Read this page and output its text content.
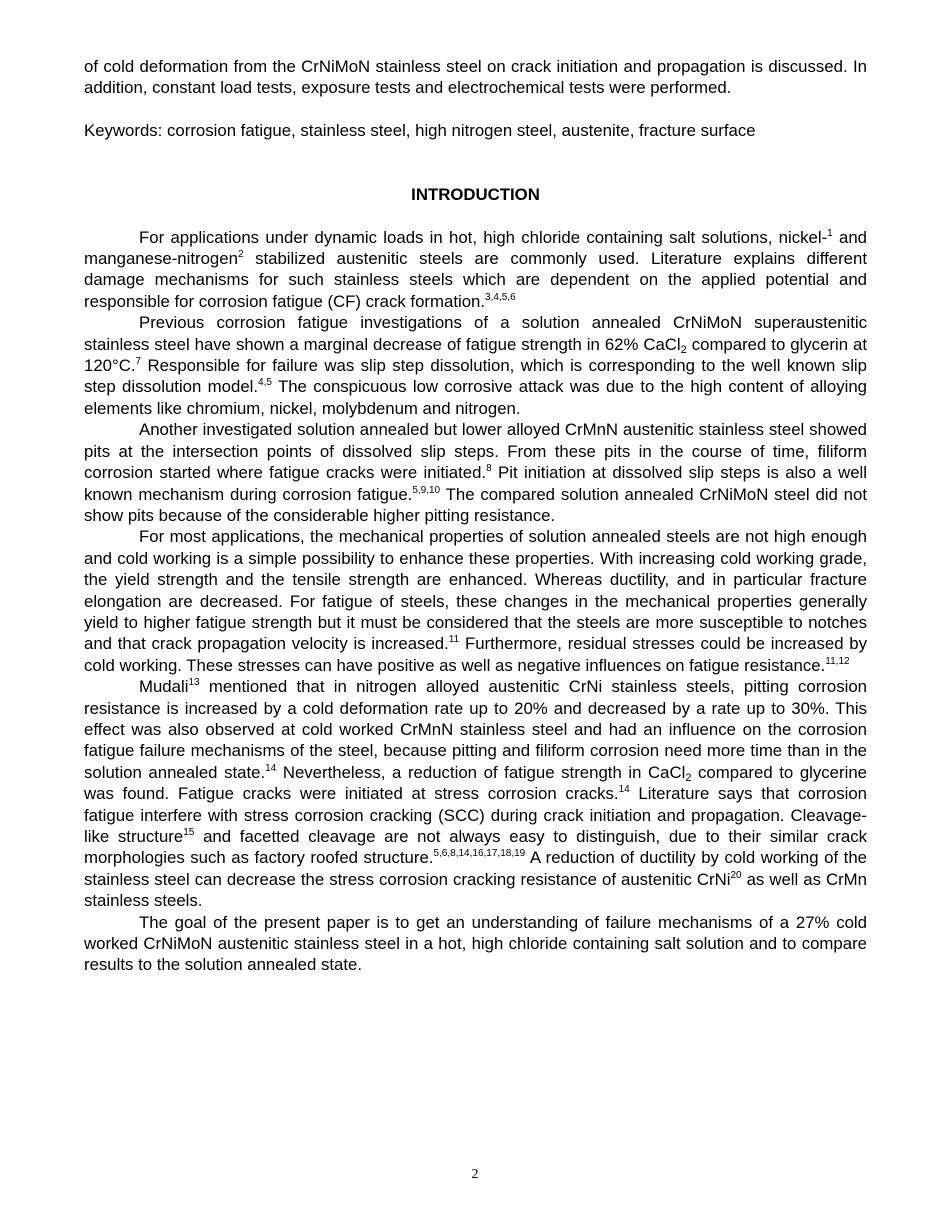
of cold deformation from the CrNiMoN stainless steel on crack initiation and propagation is discussed. In addition, constant load tests, exposure tests and electrochemical tests were performed.

Keywords: corrosion fatigue, stainless steel, high nitrogen steel, austenite, fracture surface

INTRODUCTION

For applications under dynamic loads in hot, high chloride containing salt solutions, nickel-$^1$ and manganese-nitrogen$^2$ stabilized austenitic steels are commonly used. Literature explains different damage mechanisms for such stainless steels which are dependent on the applied potential and responsible for corrosion fatigue (CF) crack formation.$^{3,4,5,6}$

Previous corrosion fatigue investigations of a solution annealed CrNiMoN superaustenitic stainless steel have shown a marginal decrease of fatigue strength in 62% CaCl$_2$ compared to glycerin at 120°C.$^7$ Responsible for failure was slip step dissolution, which is corresponding to the well known slip step dissolution model.$^{4,5}$ The conspicuous low corrosive attack was due to the high content of alloying elements like chromium, nickel, molybdenum and nitrogen.

Another investigated solution annealed but lower alloyed CrMnN austenitic stainless steel showed pits at the intersection points of dissolved slip steps. From these pits in the course of time, filiform corrosion started where fatigue cracks were initiated.$^8$ Pit initiation at dissolved slip steps is also a well known mechanism during corrosion fatigue.$^{5,9,10}$ The compared solution annealed CrNiMoN steel did not show pits because of the considerable higher pitting resistance.

For most applications, the mechanical properties of solution annealed steels are not high enough and cold working is a simple possibility to enhance these properties. With increasing cold working grade, the yield strength and the tensile strength are enhanced. Whereas ductility, and in particular fracture elongation are decreased. For fatigue of steels, these changes in the mechanical properties generally yield to higher fatigue strength but it must be considered that the steels are more susceptible to notches and that crack propagation velocity is increased.$^{11}$ Furthermore, residual stresses could be increased by cold working. These stresses can have positive as well as negative influences on fatigue resistance.$^{11,12}$

Mudali$^{13}$ mentioned that in nitrogen alloyed austenitic CrNi stainless steels, pitting corrosion resistance is increased by a cold deformation rate up to 20% and decreased by a rate up to 30%. This effect was also observed at cold worked CrMnN stainless steel and had an influence on the corrosion fatigue failure mechanisms of the steel, because pitting and filiform corrosion need more time than in the solution annealed state.$^{14}$ Nevertheless, a reduction of fatigue strength in CaCl$_2$ compared to glycerine was found. Fatigue cracks were initiated at stress corrosion cracks.$^{14}$ Literature says that corrosion fatigue interfere with stress corrosion cracking (SCC) during crack initiation and propagation. Cleavage-like structure$^{15}$ and facetted cleavage are not always easy to distinguish, due to their similar crack morphologies such as factory roofed structure.$^{5,6,8,14,16,17,18,19}$ A reduction of ductility by cold working of the stainless steel can decrease the stress corrosion cracking resistance of austenitic CrNi$^{20}$ as well as CrMn stainless steels.

The goal of the present paper is to get an understanding of failure mechanisms of a 27% cold worked CrNiMoN austenitic stainless steel in a hot, high chloride containing salt solution and to compare results to the solution annealed state.

2
